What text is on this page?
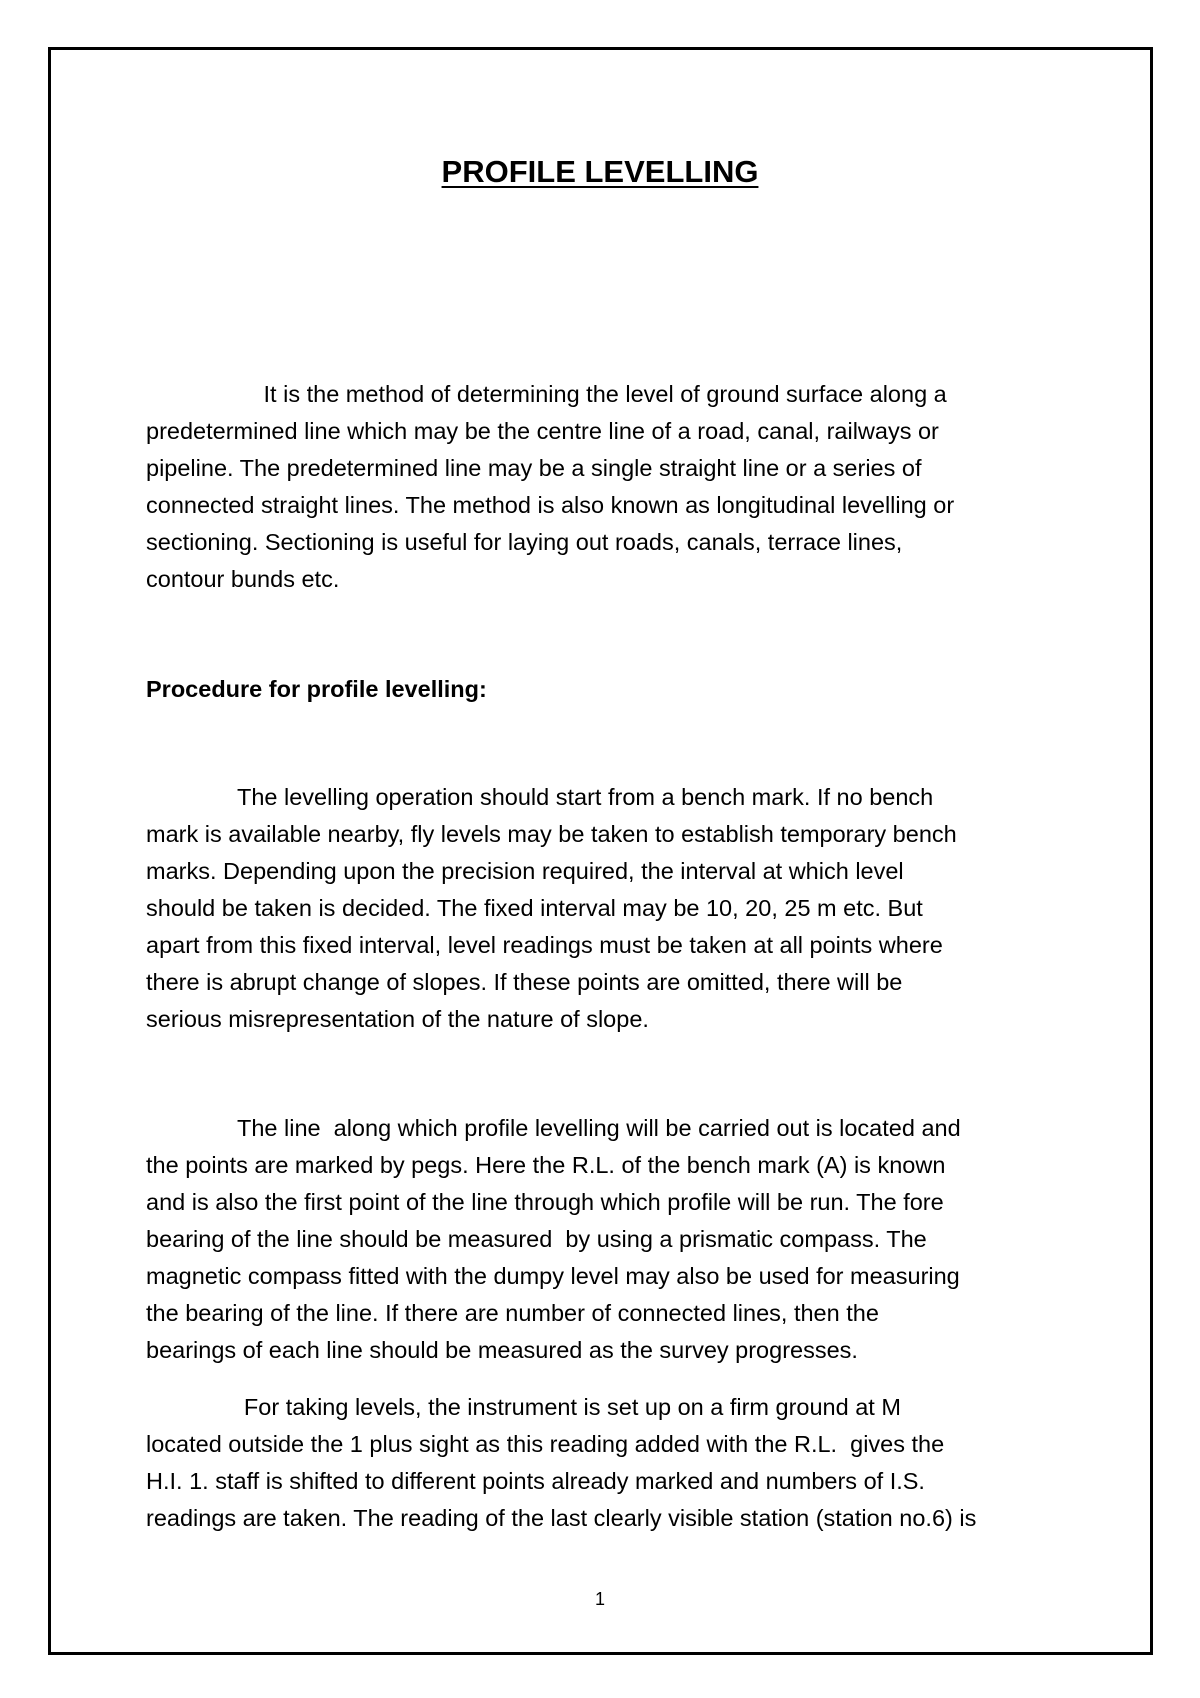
PROFILE LEVELLING
It is the method of determining the level of ground surface along a
predetermined line which may be the centre line of a road, canal, railways or
pipeline. The predetermined line may be a single straight line or a series of
connected straight lines. The method is also known as longitudinal levelling or
sectioning. Sectioning is useful for laying out roads, canals, terrace lines,
contour bunds etc.
Procedure for profile levelling:
The levelling operation should start from a bench mark. If no bench
mark is available nearby, fly levels may be taken to establish temporary bench
marks. Depending upon the precision required, the interval at which level
should be taken is decided. The fixed interval may be 10, 20, 25 m etc. But
apart from this fixed interval, level readings must be taken at all points where
there is abrupt change of slopes. If these points are omitted, there will be
serious misrepresentation of the nature of slope.
The line  along which profile levelling will be carried out is located and
the points are marked by pegs. Here the R.L. of the bench mark (A) is known
and is also the first point of the line through which profile will be run. The fore
bearing of the line should be measured  by using a prismatic compass. The
magnetic compass fitted with the dumpy level may also be used for measuring
the bearing of the line. If there are number of connected lines, then the
bearings of each line should be measured as the survey progresses.
For taking levels, the instrument is set up on a firm ground at M
located outside the 1 plus sight as this reading added with the R.L.  gives the
H.I. 1. staff is shifted to different points already marked and numbers of I.S.
readings are taken. The reading of the last clearly visible station (station no.6) is
1
